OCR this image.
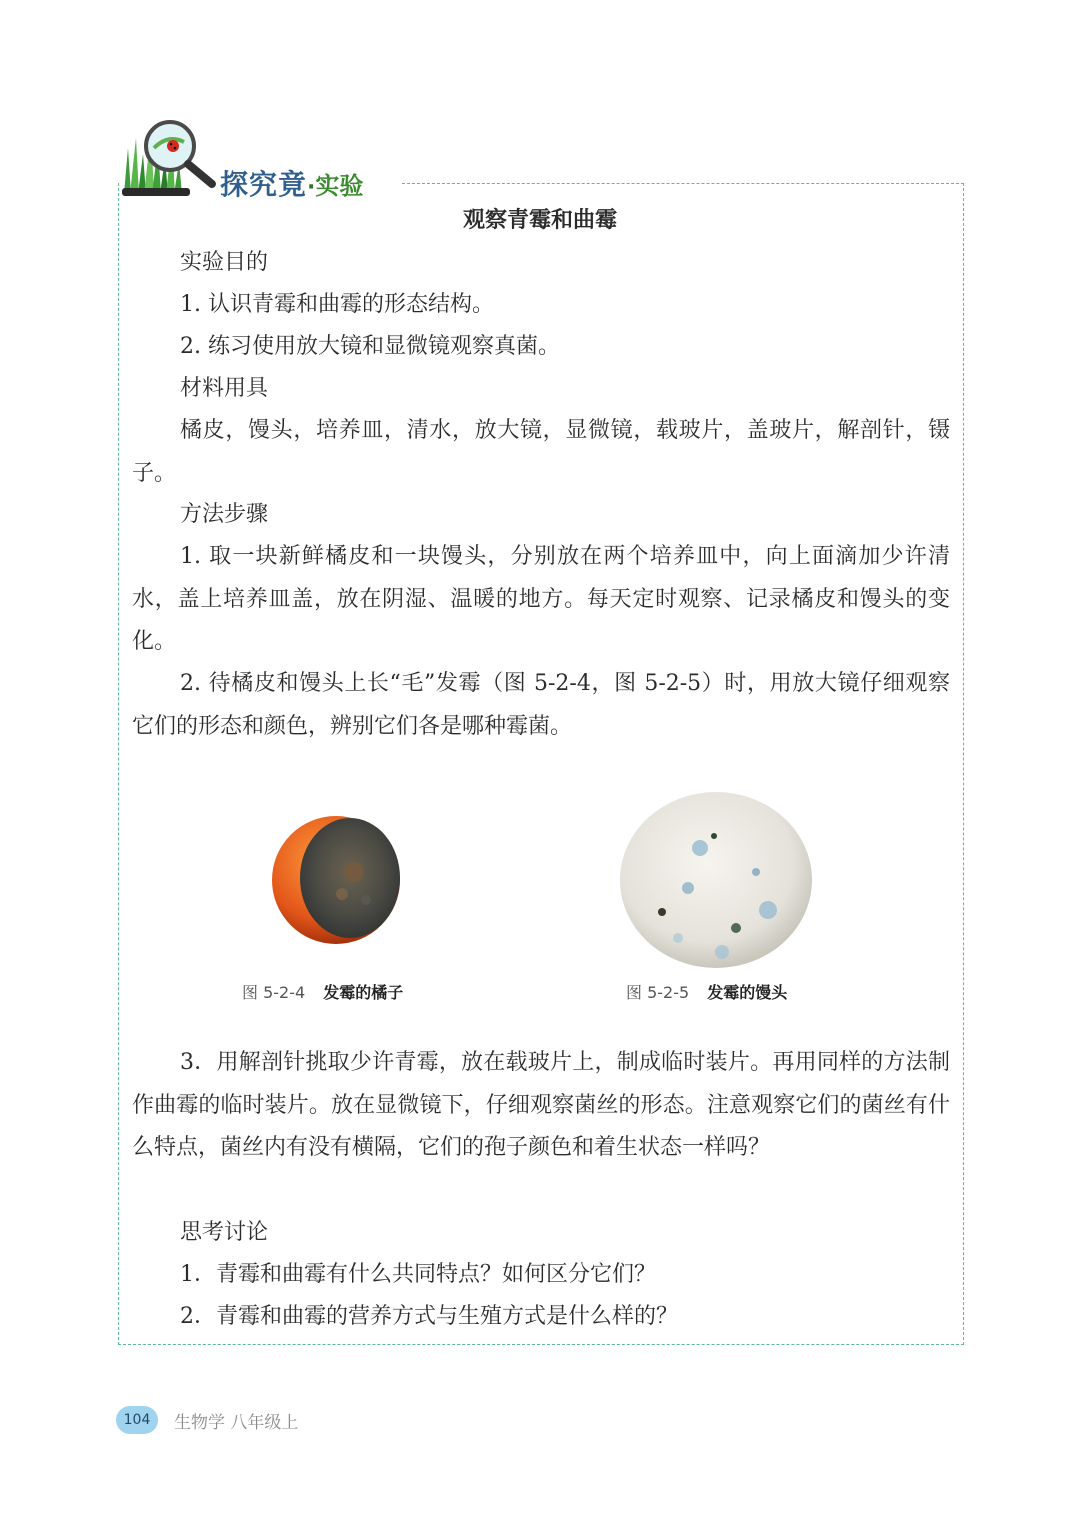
探究竟·实验
观察青霉和曲霉
实验目的
1. 认识青霉和曲霉的形态结构。
2. 练习使用放大镜和显微镜观察真菌。
材料用具
橘皮，馒头，培养皿，清水，放大镜，显微镜，载玻片，盖玻片，解剖针，镊子。
方法步骤
1. 取一块新鲜橘皮和一块馒头，分别放在两个培养皿中，向上面滴加少许清水，盖上培养皿盖，放在阴湿、温暖的地方。每天定时观察、记录橘皮和馒头的变化。
2. 待橘皮和馒头上长“毛”发霉（图 5-2-4，图 5-2-5）时，用放大镜仔细观察它们的形态和颜色，辨别它们各是哪种霉菌。
图 5-2-4 发霉的橘子	图 5-2-5 发霉的馒头
3．用解剖针挑取少许青霉，放在载玻片上，制成临时装片。再用同样的方法制作曲霉的临时装片。放在显微镜下，仔细观察菌丝的形态。注意观察它们的菌丝有什么特点，菌丝内有没有横隔，它们的孢子颜色和着生状态一样吗？
思考讨论
1．青霉和曲霉有什么共同特点？如何区分它们？
2．青霉和曲霉的营养方式与生殖方式是什么样的？
104	生物学 八年级上
